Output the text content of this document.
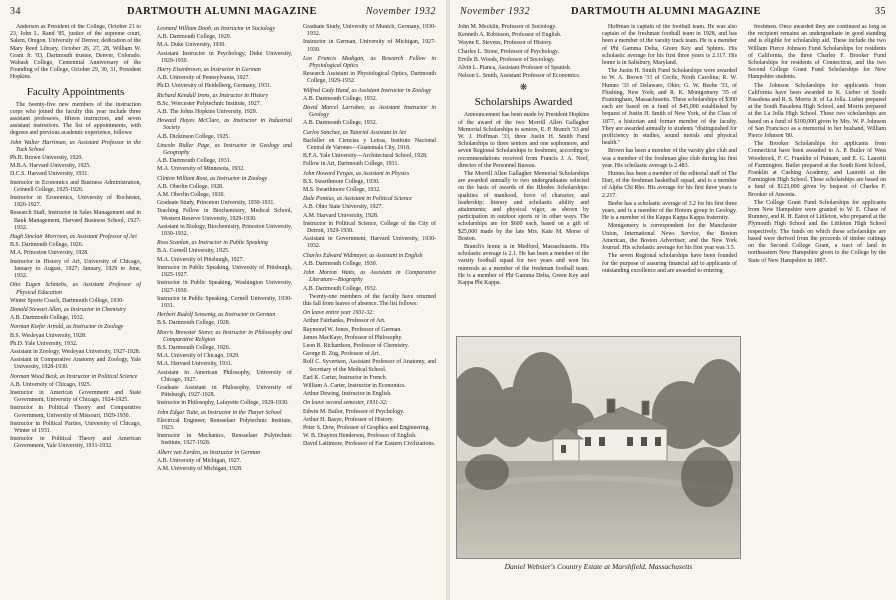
34	DARTMOUTH ALUMNI MAGAZINE	November 1932

Anderson as President of the College, October 21 to 23, John L. Rand '85, justice of the supreme court, Salem, Oregon. University of Denver, dedication of the Mary Reed Library, October 26, 27, 28, William W. Grant Jr. '03, Dartmouth trustee, Denver, Colorado. Wabash College, Centennial Anniversary of the Founding of the College, October 29, 30, 31, President Hopkins.

Faculty Appointments

The twenty-five new members of the instruction corps who joined the faculty this year include three assistant professors, fifteen instructors, and seven assistant instructors. The list of appointments, with degrees and previous academic experience, follows:

John Walter Harriman, as Assistant Professor in the Tuck School

Ph.B. Brown University, 1920.

M.B.A. Harvard University, 1925.

D.C.S. Harvard University, 1931.

Instructor in Economics and Business Administration, Grinnell College, 1925-1926.

Instructor in Economics, University of Rochester, 1926-1927.

Research Staff, Instructor in Sales Management and in Bank Management, Harvard Business School, 1927-1932.

Hugh Sinclair Morrison, as Assistant Professor of Art

B.S. Dartmouth College, 1926.

M.A. Princeton University, 1928.

Instructor in History of Art, University of Chicago, January to August, 1927; January, 1929 to June, 1932.

Otto Eugen Schniebs, as Assistant Professor of Physical Education

Winter Sports Coach, Dartmouth College, 1930-

Donald Stewart Allen, as Instructor in Chemistry

A.B. Dartmouth College, 1932.

Norman Kiefer Arnold, as Instructor in Zoology

B.S. Wesleyan University, 1928.

Ph.D. Yale University, 1932.

Assistant in Zoology, Wesleyan University, 1927-1928.

Assistant in Comparative Anatomy and Zoology, Yale University, 1928-1930.

Norman Wood Beck, as Instructor in Political Science

A.B. University of Chicago, 1925.

Instructor in American Government and State Government, University of Chicago, 1924-1925.

Instructor in Political Theory and Comparative Government, University of Missouri, 1929-1930.

Instructor in Political Parties, University of Chicago, Winter of 1931.

Instructor in Political Theory and American Government, Yale University, 1931-1932.

Leonard William Doob, as Instructor in Sociology

A.B. Dartmouth College, 1929.

M.A. Duke University, 1930.

Assistant Instructor in Psychology, Duke University, 1929-1930.

Harry Eisenbrown, as Instructor in German

A.B. University of Pennsylvania, 1927.

Ph.D. University of Heidelberg, Germany, 1931.

Richard Kendall Irons, as Instructor in History

B.Sc. Worcester Polytechnic Institute, 1927.

A.B. The Johns Hopkins University, 1929.

Howard Hayes McClure, as Instructor in Industrial Society

A.B. Dickinson College, 1925.

Lincoln Ridler Page, as Instructor in Geology and Geography

A.B. Dartmouth College, 1931.

M.A. University of Minnesota, 1932.

Clinton William Root, as Instructor in Zoology

A.B. Oberlin College, 1928.

A.M. Oberlin College, 1930.

Graduate Study, Princeton University, 1930-1931.

Teaching Fellow in Biochemistry, Medical School, Western Reserve University, 1929-1930.

Assistant in Biology, Biochemistry, Princeton University, 1930-1932.

Ross Scanlan, as Instructor in Public Speaking

B.A. Cornell University, 1925.

M.A. University of Pittsburgh, 1927.

Instructor in Public Speaking, University of Pittsburgh, 1925-1927.

Instructor in Public Speaking, Washington University, 1927-1930.

Instructor in Public Speaking, Cornell University, 1930-1931.

Herbert Rudolf Sensenig, as Instructor in German

B.S. Dartmouth College, 1928.

Morris Brewster Storer, as Instructor in Philosophy and Comparative Religion

B.S. Dartmouth College, 1926.

M.A. University of Chicago, 1929.

M.A. Harvard University, 1931.

Assistant in American Philosophy, University of Chicago, 1927.

Graduate Assistant in Philosophy, University of Pittsburgh, 1927-1928.

Instructor in Philosophy, Lafayette College, 1929-1930.

John Edgar Tuite, as Instructor in the Thayer School

Electrical Engineer, Rensselaer Polytechnic Institute, 1923.

Instructor in Mechanics, Rensselaer Polytechnic Institute, 1927-1928.

Albert van Eerden, as Instructor in German

A.B. University of Michigan, 1927.

A.M. University of Michigan, 1928.

Graduate Study, University of Munich, Germany, 1930-1932.

Instructor in German, University of Michigan, 1927-1930.

Leo Francis Madigan, as Research Fellow in Physiological Optics

Research Assistant in Physiological Optics, Dartmouth College, 1929-1932.

Wilfred Cady Hand, as Assistant Instructor in Zoology

A.B. Dartmouth College, 1932.

David Marcel Larrabee, as Assistant Instructor in Geology

A.B. Dartmouth College, 1932.

Carlos Sanchez, as Tutorial Assistant in Art

Bachiller en Ciencias y Letras, Instituto Nacional Central de Varones—Guatemala City, 1918.

B.F.A. Yale University—Architectural School, 1928.

Fellow in Art, Dartmouth College, 1931.

John Howard Fergus, as Assistant in Physics

B.S. Swarthmore College, 1930.

M.S. Swarthmore College, 1932.

Dale Pontius, as Assistant in Political Science

A.B. Ohio State University, 1927.

A.M. Harvard University, 1928.

Instructor in Political Science, College of the City of Detroit, 1929-1930.

Assistant in Government, Harvard University, 1930-1932.

Charles Edward Widmayer, as Assistant in English

A.B. Dartmouth College, 1930.

John Morton Watts, as Assistant in Comparative Literature—Biography

A.B. Dartmouth College, 1932.

Twenty-one members of the faculty have returned this fall from leaves of absence. The list follows:

On leave entire year 1931-32:

Arthur Fairbanks, Professor of Art.

Raymond W. Jones, Professor of German.

James MacKaye, Professor of Philosophy.

Leon B. Richardson, Professor of Chemistry.

George B. Zug, Professor of Art.

Rolf C. Syvertsen, Assistant Professor of Anatomy, and Secretary of the Medical School.

Earl K. Carter, Instructor in French.

William A. Carter, Instructor in Economics.

Arthur Dewing, Instructor in English.

On leave second semester, 1931-32:

Edwin M. Bailor, Professor of Psychology.

Arthur H. Basye, Professor of History.

Peter S. Dow, Professor of Graphics and Engineering.

W. B. Drayton Henderson, Professor of English.

David Lattimore, Professor of Far Eastern Civilizations.

November 1932	DARTMOUTH ALUMNI MAGAZINE	35

John M. Mecklin, Professor of Sociology.

Kenneth A. Robinson, Professor of English.

Wayne E. Stevens, Professor of History.

Charles L. Stone, Professor of Psychology.

Ervile B. Woods, Professor of Sociology.

Alvin L. Pianca, Assistant Professor of Spanish.

Nelson L. Smith, Assistant Professor of Economics.

❋
Scholarships Awarded

Announcement has been made by President Hopkins of the award of the two Morrill Allen Gallagher Memorial Scholarships to seniors, E. P. Branch '33 and W. J. Hoffman '33, three Justin H. Smith Fund Scholarships to three seniors and one sophomore, and seven Regional Scholarships to freshmen, according to recommendations received from Francis J. A. Neef, director of the Personnel Bureau.

The Morrill Allen Gallagher Memorial Scholarships are awarded annually to two undergraduates selected on the basis of awards of the Rhodes Scholarships: qualities of manhood, force of character, and leadership; literary and scholastic ability and attainments; and physical vigor, as shown by participation in outdoor sports or in other ways. The scholarships are for $600 each, based on a gift of $25,000 made by the late Mrs. Kate M. Morse of Boston.

Branch's home is in Medford, Massachusetts. His scholastic average is 2.1. He has been a member of the varsity football squad for two years and won his numerals as a member of the freshman football team. He is a member of Phi Gamma Delta, Green Key and Kappa Phi Kappa.

Hoffman is captain of the football team. He was also captain of the freshman football team in 1928, and has been a member of the varsity track team. He is a member of Phi Gamma Delta, Green Key and Sphinx. His scholastic average for his first three years is 2.117. His home is in Salisbury, Maryland.

The Justin H. Smith Fund Scholarships were awarded to W. A. Brown '33 of Cecile, North Carolina; R. W. Humes '33 of Delaware, Ohio; G. W. Beebe '33, of Flushing, New York; and R. K. Montgomery '35 of Framingham, Massachusetts. These scholarships of $300 each are based on a fund of $45,000 established by bequest of Justin H. Smith of New York, of the Class of 1877, a historian and former member of the faculty. They are awarded annually to students "distinguished for proficiency in studies, sound morals and physical health."

Brown has been a member of the varsity glee club and was a member of the freshman glee club during his first year. His scholastic average is 2.483.

Humes has been a member of the editorial staff of The Dart, of the freshman basketball squad, and is a member of Alpha Chi Rho. His average for his first three years is 2.217.

Beebe has a scholastic average of 3.2 for his first three years, and is a member of the Honors group in Geology. He is a member of the Kappa Kappa Kappa fraternity.

Montgomery is correspondent for the Manchester Union, International News Service, the Boston American, the Boston Advertiser, and the New York Journal. His scholastic average for his first year was 3.5.

The seven Regional scholarships have been founded for the purpose of assuring financial aid to applicants of outstanding excellence and are awarded to entering

freshmen. Once awarded they are continued as long as the recipient remains an undergraduate in good standing and is eligible for scholarship aid. These include the two William Pierce Johnson Fund Scholarships for residents of California, the three Charles F. Brooker Fund Scholarships for residents of Connecticut, and the two Second College Grant Fund Scholarships for New Hampshire students.

The Johnson Scholarships for applicants from California have been awarded to K. Lieber of South Pasadena and R. S. Morris Jr. of La Jolla. Lieber prepared at the South Pasadena High School, and Morris prepared at the La Jolla High School. These two scholarships are based on a fund of $100,000 given by Mrs. W. P. Johnson of San Francisco as a memorial to her husband, William Pierce Johnson '80.

The Brooker Scholarships for applicants from Connecticut have been awarded to A. P. Butler of West Woodstock, F. C. Franklin of Putnam, and E. G. Lauretti of Farmington. Butler prepared at the South Kent School, Franklin at Cushing Academy, and Lauretti at the Farmington High School. These scholarships are based on a fund of $123,000 given by bequest of Charles F. Brooker of Ansonia.

The College Grant Fund Scholarships for applicants from New Hampshire were granted to W. E. Chase of Rumney, and R. H. Eaton of Littleton, who prepared at the Plymouth High School and the Littleton High School respectively. The funds on which these scholarships are based were derived from the proceeds of timber cuttings on the Second College Grant, a tract of land in northeastern New Hampshire given to the College by the State of New Hampshire in 1807.

Daniel Webster's Country Estate at Marshfield, Massachusetts
